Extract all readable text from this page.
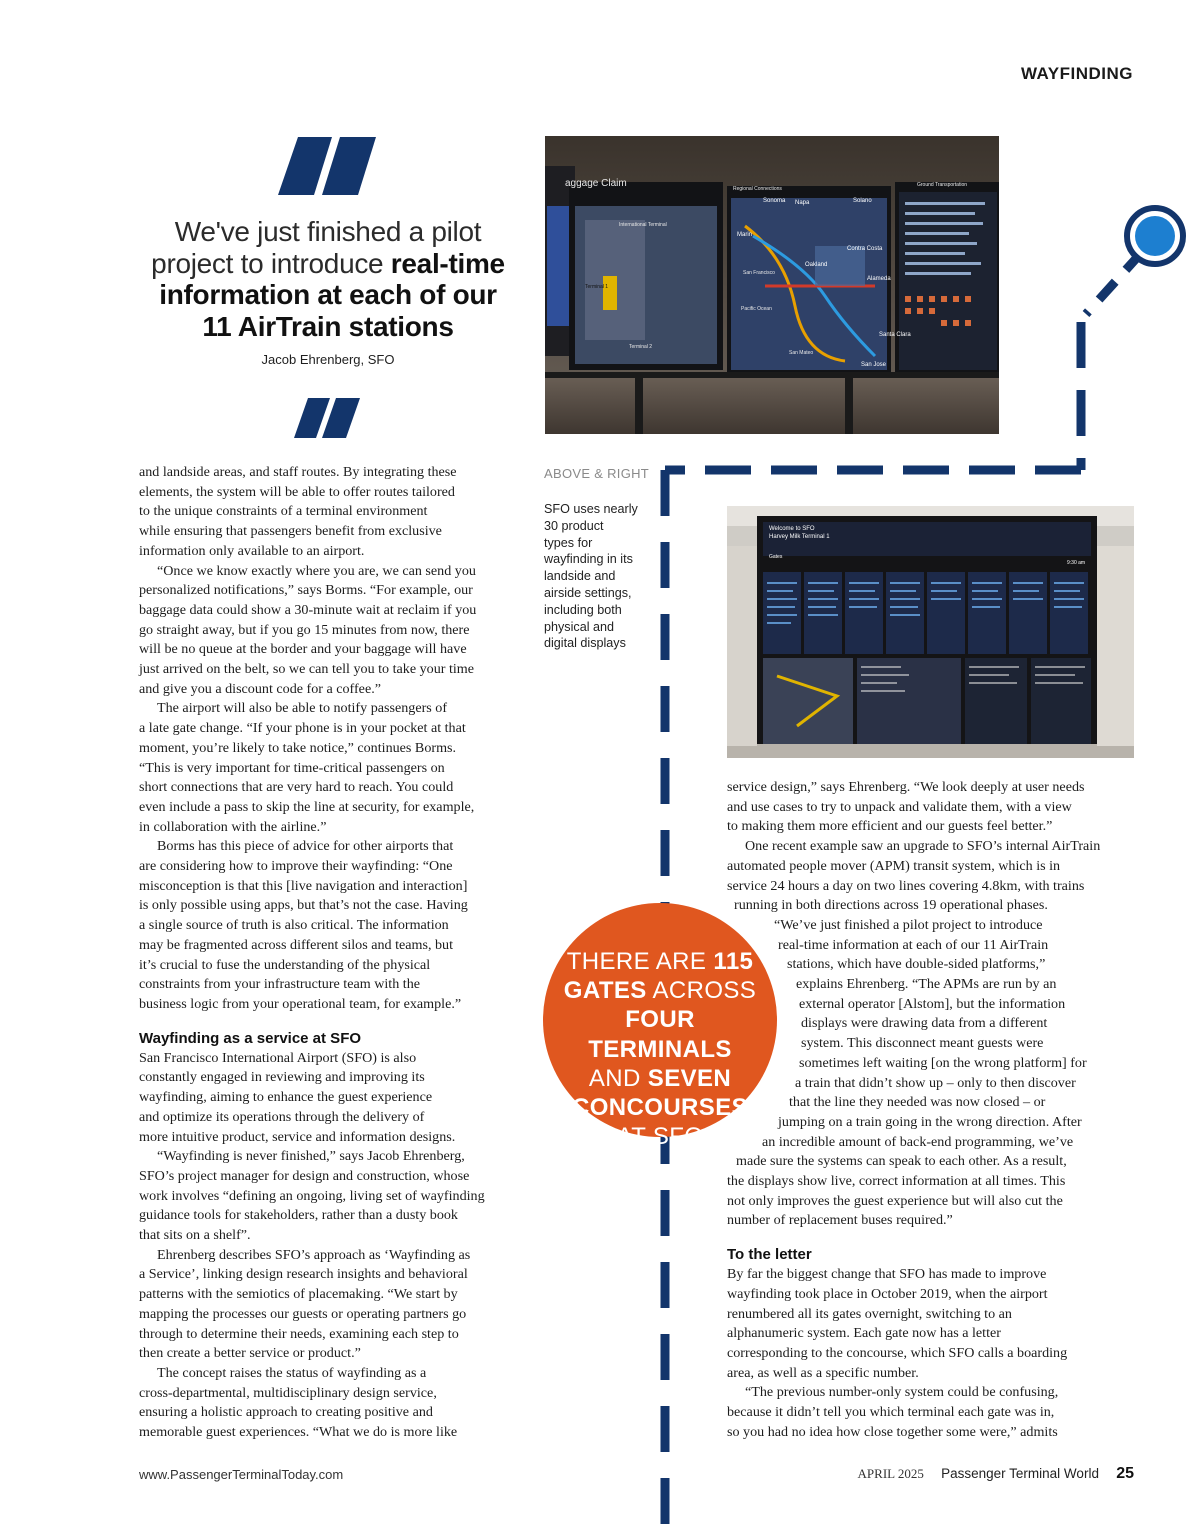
WAYFINDING
We've just finished a pilot project to introduce real-time information at each of our 11 AirTrain stations
Jacob Ehrenberg, SFO
aggage Claim	Regional Connections
Ground Transportation
International Terminal
Terminal 1
Terminal 2
San Francisco
Oakland
Contra Costa
Alameda
Pacific Ocean
San Mateo
Santa Clara
San Jose
Solano
Napa
Sonoma
Marin
ABOVE & RIGHT
SFO uses nearly
30 product
types for
wayfinding in its
landside and
airside settings,
including both
physical and
digital displays
Welcome to SFO
Harvey Milk Terminal 1
Gates
9:30 am
THERE ARE 115
GATES ACROSS
FOUR TERMINALS
AND SEVEN
CONCOURSES
AT SFO

and landside areas, and staff routes. By integrating these

elements, the system will be able to offer routes tailored

to the unique constraints of a terminal environment

while ensuring that passengers benefit from exclusive

information only available to an airport.

“Once we know exactly where you are, we can send you

personalized notifications,” says Borms. “For example, our

baggage data could show a 30-minute wait at reclaim if you

go straight away, but if you go 15 minutes from now, there

will be no queue at the border and your baggage will have

just arrived on the belt, so we can tell you to take your time

and give you a discount code for a coffee.”

The airport will also be able to notify passengers of

a late gate change. “If your phone is in your pocket at that

moment, you’re likely to take notice,” continues Borms.

“This is very important for time-critical passengers on

short connections that are very hard to reach. You could

even include a pass to skip the line at security, for example,

in collaboration with the airline.”

Borms has this piece of advice for other airports that

are considering how to improve their wayfinding: “One

misconception is that this [live navigation and interaction]

is only possible using apps, but that’s not the case. Having

a single source of truth is also critical. The information

may be fragmented across different silos and teams, but

it’s crucial to fuse the understanding of the physical

constraints from your infrastructure team with the

business logic from your operational team, for example.”

Wayfinding as a service at SFO

San Francisco International Airport (SFO) is also

constantly engaged in reviewing and improving its

wayfinding, aiming to enhance the guest experience

and optimize its operations through the delivery of

more intuitive product, service and information designs.

“Wayfinding is never finished,” says Jacob Ehrenberg,

SFO’s project manager for design and construction, whose

work involves “defining an ongoing, living set of wayfinding

guidance tools for stakeholders, rather than a dusty book

that sits on a shelf”.

Ehrenberg describes SFO’s approach as ‘Wayfinding as

a Service’, linking design research insights and behavioral

patterns with the semiotics of placemaking. “We start by

mapping the processes our guests or operating partners go

through to determine their needs, examining each step to

then create a better service or product.”

The concept raises the status of wayfinding as a

cross-departmental, multidisciplinary design service,

ensuring a holistic approach to creating positive and

memorable guest experiences. “What we do is more like

service design,” says Ehrenberg. “We look deeply at user needs

and use cases to try to unpack and validate them, with a view

to making them more efficient and our guests feel better.”

One recent example saw an upgrade to SFO’s internal AirTrain

automated people mover (APM) transit system, which is in

service 24 hours a day on two lines covering 4.8km, with trains

running in both directions across 19 operational phases.

“We’ve just finished a pilot project to introduce

real-time information at each of our 11 AirTrain

stations, which have double-sided platforms,”

explains Ehrenberg. “The APMs are run by an

external operator [Alstom], but the information

displays were drawing data from a different

system. This disconnect meant guests were

sometimes left waiting [on the wrong platform] for

a train that didn’t show up – only to then discover

that the line they needed was now closed – or

jumping on a train going in the wrong direction. After

an incredible amount of back-end programming, we’ve

made sure the systems can speak to each other. As a result,

the displays show live, correct information at all times. This

not only improves the guest experience but will also cut the

number of replacement buses required.”

To the letter

By far the biggest change that SFO has made to improve

wayfinding took place in October 2019, when the airport

renumbered all its gates overnight, switching to an

alphanumeric system. Each gate now has a letter

corresponding to the concourse, which SFO calls a boarding

area, as well as a specific number.

“The previous number-only system could be confusing,

because it didn’t tell you which terminal each gate was in,

so you had no idea how close together some were,” admits

www.PassengerTerminalToday.com	APRIL 2025 Passenger Terminal World 25
